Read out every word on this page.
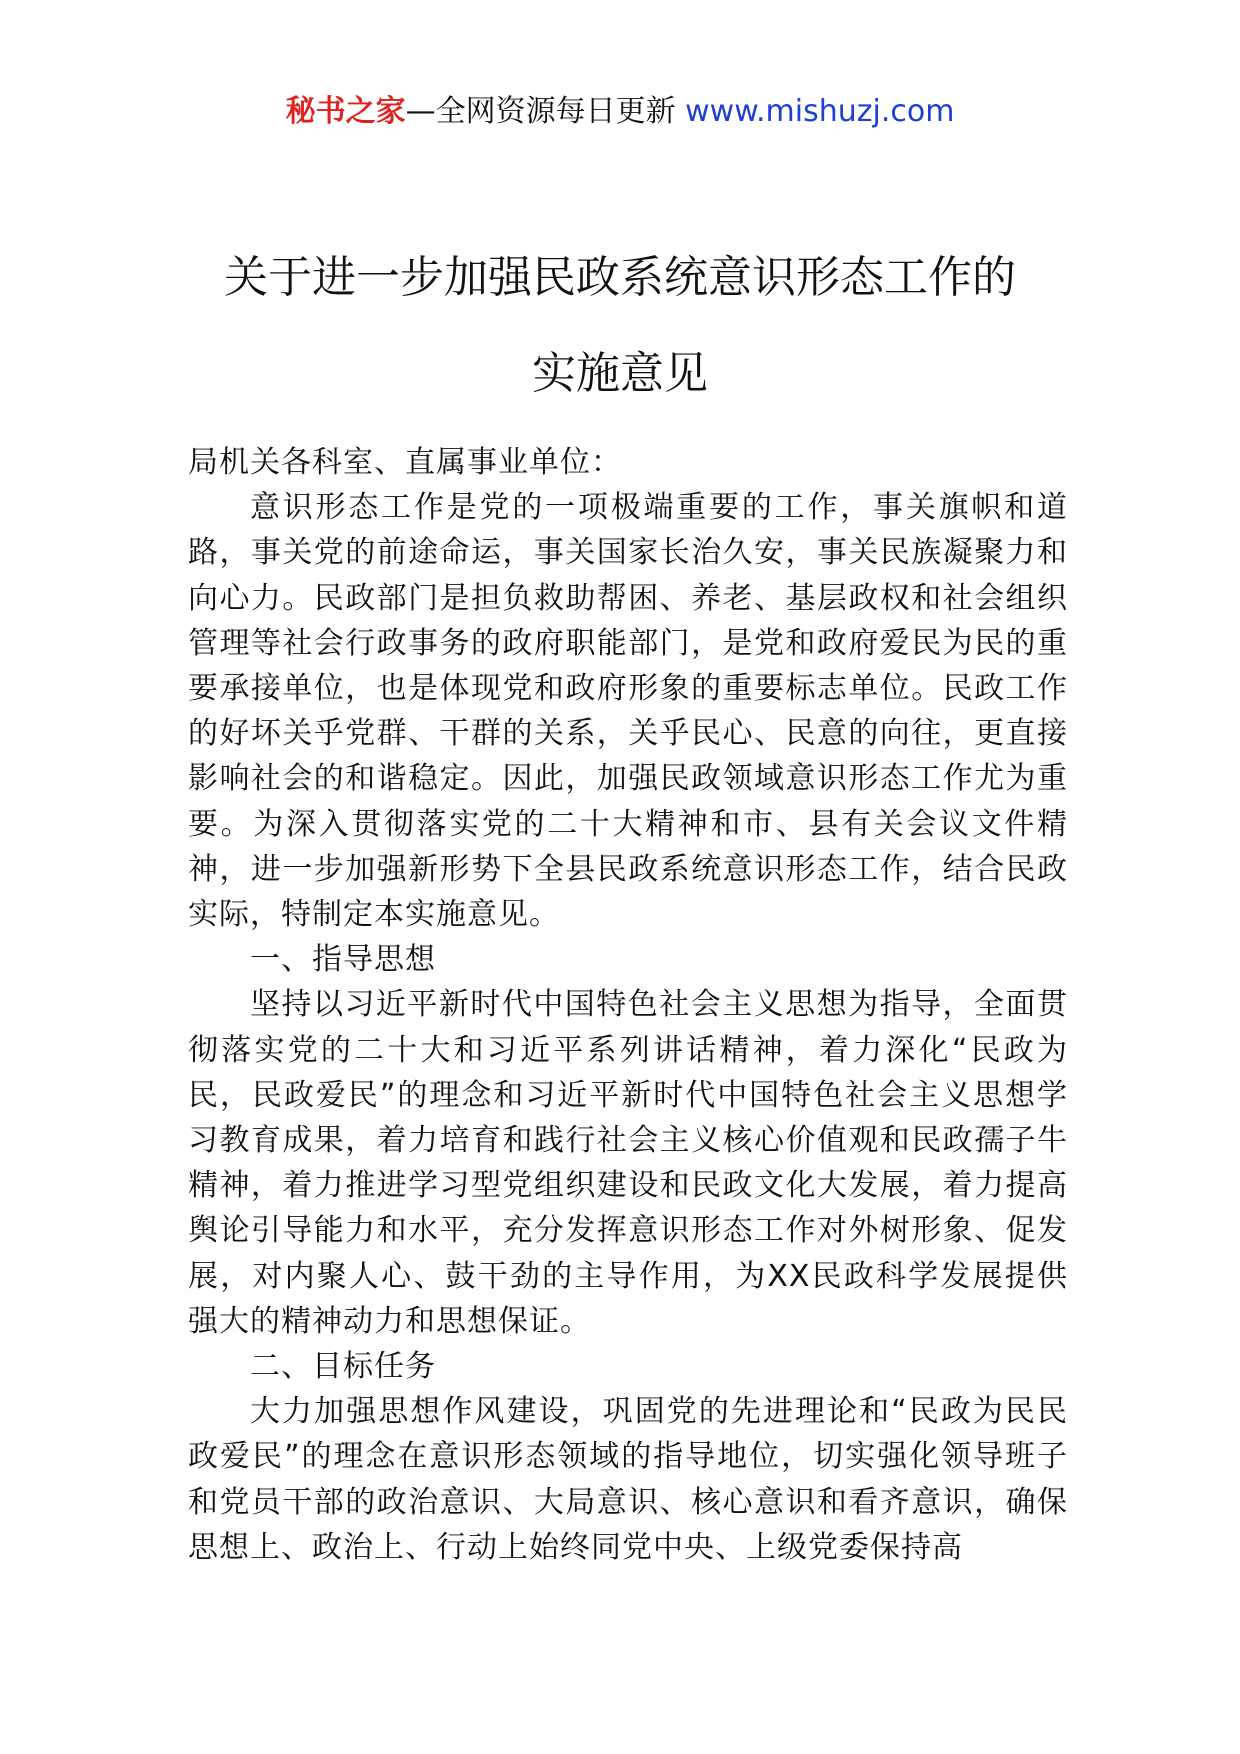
秘书之家—全网资源每日更新 www.mishuzj.com
关于进一步加强民政系统意识形态工作的
实施意见

局机关各科室、直属事业单位：

意识形态工作是党的一项极端重要的工作，事关旗帜和道路，事关党的前途命运，事关国家长治久安，事关民族凝聚力和向心力。民政部门是担负救助帮困、养老、基层政权和社会组织管理等社会行政事务的政府职能部门，是党和政府爱民为民的重要承接单位，也是体现党和政府形象的重要标志单位。民政工作的好坏关乎党群、干群的关系，关乎民心、民意的向往，更直接影响社会的和谐稳定。因此，加强民政领域意识形态工作尤为重要。为深入贯彻落实党的二十大精神和市、县有关会议文件精神，进一步加强新形势下全县民政系统意识形态工作，结合民政实际，特制定本实施意见。

一、指导思想

坚持以习近平新时代中国特色社会主义思想为指导，全面贯彻落实党的二十大和习近平系列讲话精神，着力深化“民政为民，民政爱民”的理念和习近平新时代中国特色社会主义思想学习教育成果，着力培育和践行社会主义核心价值观和民政孺子牛精神，着力推进学习型党组织建设和民政文化大发展，着力提高舆论引导能力和水平，充分发挥意识形态工作对外树形象、促发展，对内聚人心、鼓干劲的主导作用，为XX民政科学发展提供强大的精神动力和思想保证。

二、目标任务

大力加强思想作风建设，巩固党的先进理论和“民政为民民政爱民”的理念在意识形态领域的指导地位，切实强化领导班子和党员干部的政治意识、大局意识、核心意识和看齐意识，确保思想上、政治上、行动上始终同党中央、上级党委保持高
